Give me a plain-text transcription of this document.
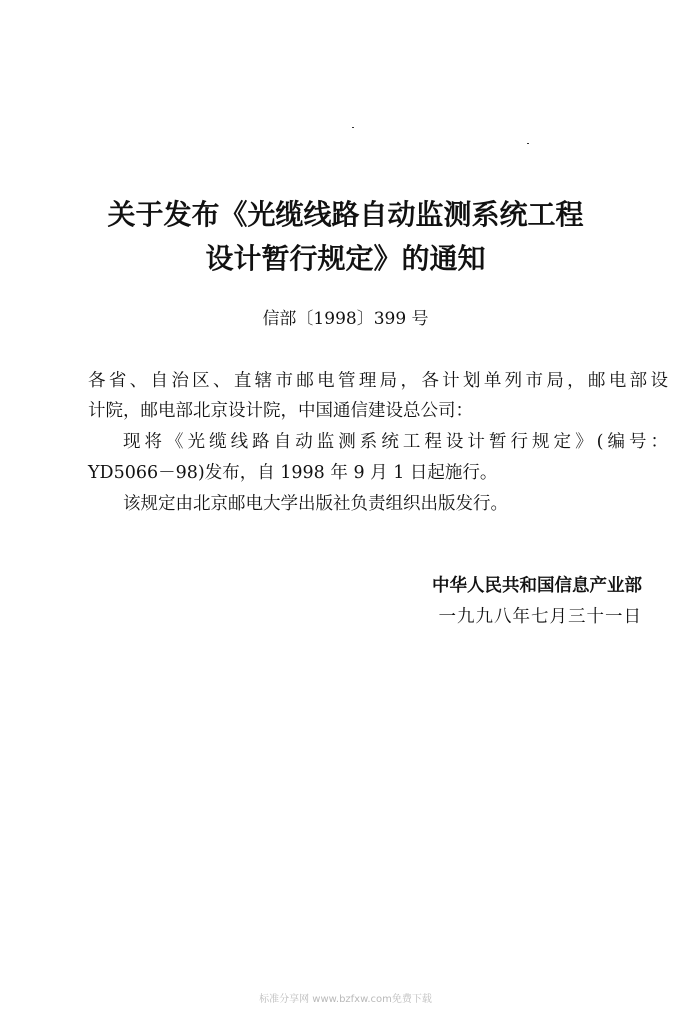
关于发布《光缆线路自动监测系统工程
设计暂行规定》的通知
信部〔1998〕399 号
各省、自治区、直辖市邮电管理局，各计划单列市局，邮电部设
计院，邮电部北京设计院，中国通信建设总公司：
现将《光缆线路自动监测系统工程设计暂行规定》(编号：
YD5066－98)发布，自 1998 年 9 月 1 日起施行。
该规定由北京邮电大学出版社负责组织出版发行。
中华人民共和国信息产业部
一九九八年七月三十一日
标准分享网 www.bzfxw.com免费下载
